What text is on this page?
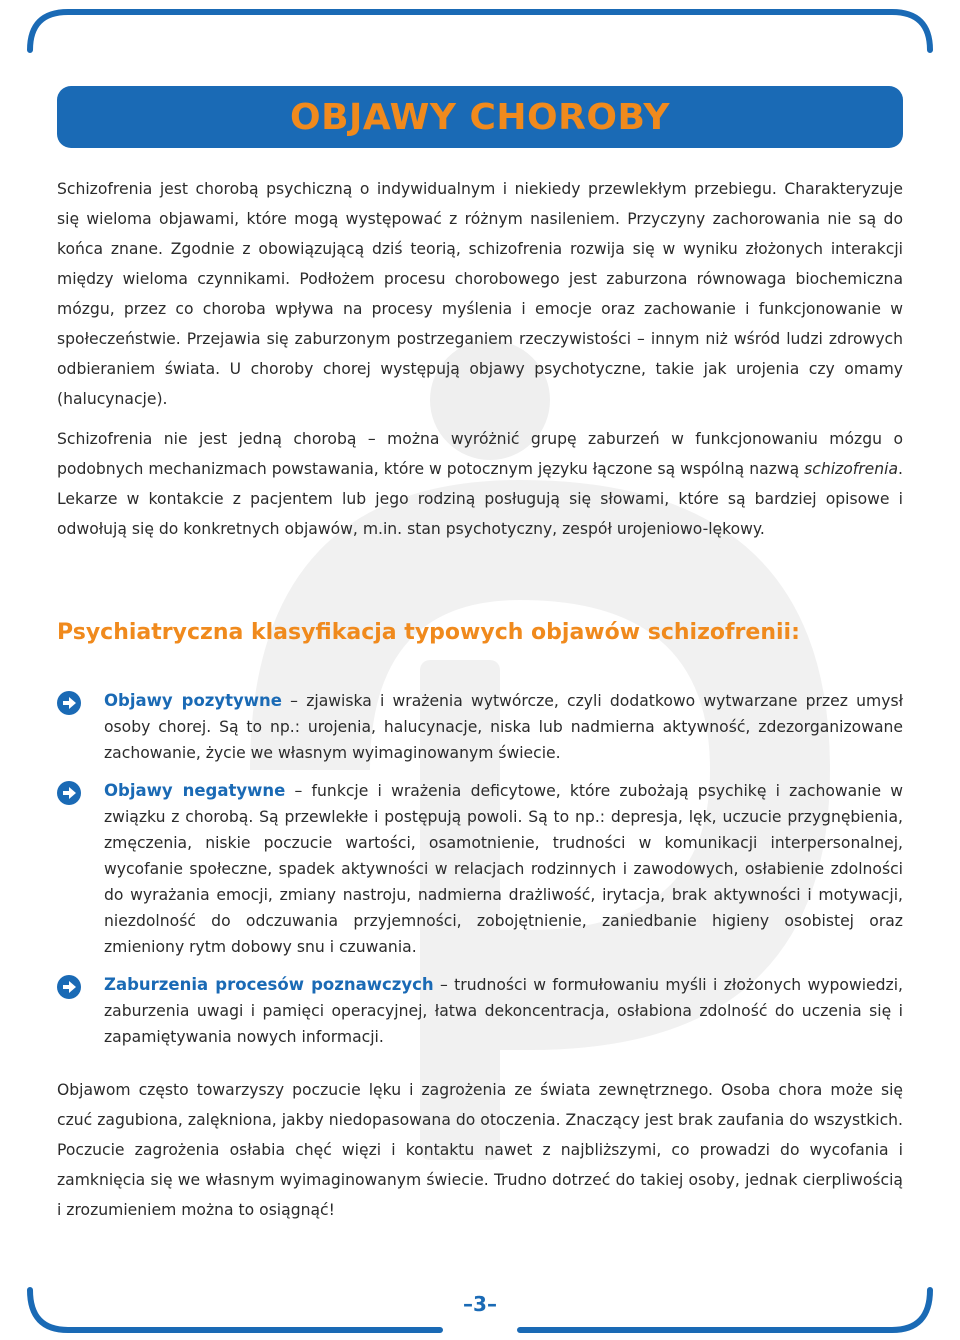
OBJAWY CHOROBY

Schizofrenia jest chorobą psychiczną o indywidualnym i niekiedy przewlekłym przebiegu. Charakteryzuje się wieloma objawami, które mogą występować z różnym nasileniem. Przyczyny zachorowania nie są do końca znane. Zgodnie z obowiązującą dziś teorią, schizofrenia rozwija się w wyniku złożonych interakcji między wieloma czynnikami. Podłożem procesu chorobowego jest zaburzona równowaga biochemiczna mózgu, przez co choroba wpływa na procesy myślenia i emocje oraz zachowanie i funkcjonowanie w społeczeństwie. Przejawia się zaburzonym postrzeganiem rzeczywistości – innym niż wśród ludzi zdrowych odbieraniem świata. U choroby chorej występują objawy psychotyczne, takie jak urojenia czy omamy (halucynacje).

Schizofrenia nie jest jedną chorobą – można wyróżnić grupę zaburzeń w funkcjonowaniu mózgu o podobnych mechanizmach powstawania, które w potocznym języku łączone są wspólną nazwą schizofrenia. Lekarze w kontakcie z pacjentem lub jego rodziną posługują się słowami, które są bardziej opisowe i odwołują się do konkretnych objawów, m.in. stan psychotyczny, zespół urojeniowo-lękowy.

Psychiatryczna klasyfikacja typowych objawów schizofrenii:
Objawy pozytywne – zjawiska i wrażenia wytwórcze, czyli dodatkowo wytwarzane przez umysł osoby chorej. Są to np.: urojenia, halucynacje, niska lub nadmierna aktywność, zdezorganizowane zachowanie, życie we własnym wyimaginowanym świecie.
Objawy negatywne – funkcje i wrażenia deficytowe, które zubożają psychikę i zachowanie w związku z chorobą. Są przewlekłe i postępują powoli. Są to np.: depresja, lęk, uczucie przygnębienia, zmęczenia, niskie poczucie wartości, osamotnienie, trudności w komunikacji interpersonalnej, wycofanie społeczne, spadek aktywności w relacjach rodzinnych i zawodowych, osłabienie zdolności do wyrażania emocji, zmiany nastroju, nadmierna drażliwość, irytacja, brak aktywności i motywacji, niezdolność do odczuwania przyjemności, zobojętnienie, zaniedbanie higieny osobistej oraz zmieniony rytm dobowy snu i czuwania.
Zaburzenia procesów poznawczych – trudności w formułowaniu myśli i złożonych wypowiedzi, zaburzenia uwagi i pamięci operacyjnej, łatwa dekoncentracja, osłabiona zdolność do uczenia się i zapamiętywania nowych informacji.

Objawom często towarzyszy poczucie lęku i zagrożenia ze świata zewnętrznego. Osoba chora może się czuć zagubiona, zalękniona, jakby niedopasowana do otoczenia. Znaczący jest brak zaufania do wszystkich. Poczucie zagrożenia osłabia chęć więzi i kontaktu nawet z najbliższymi, co prowadzi do wycofania i zamknięcia się we własnym wyimaginowanym świecie. Trudno dotrzeć do takiej osoby, jednak cierpliwością i zrozumieniem można to osiągnąć!

–3–
